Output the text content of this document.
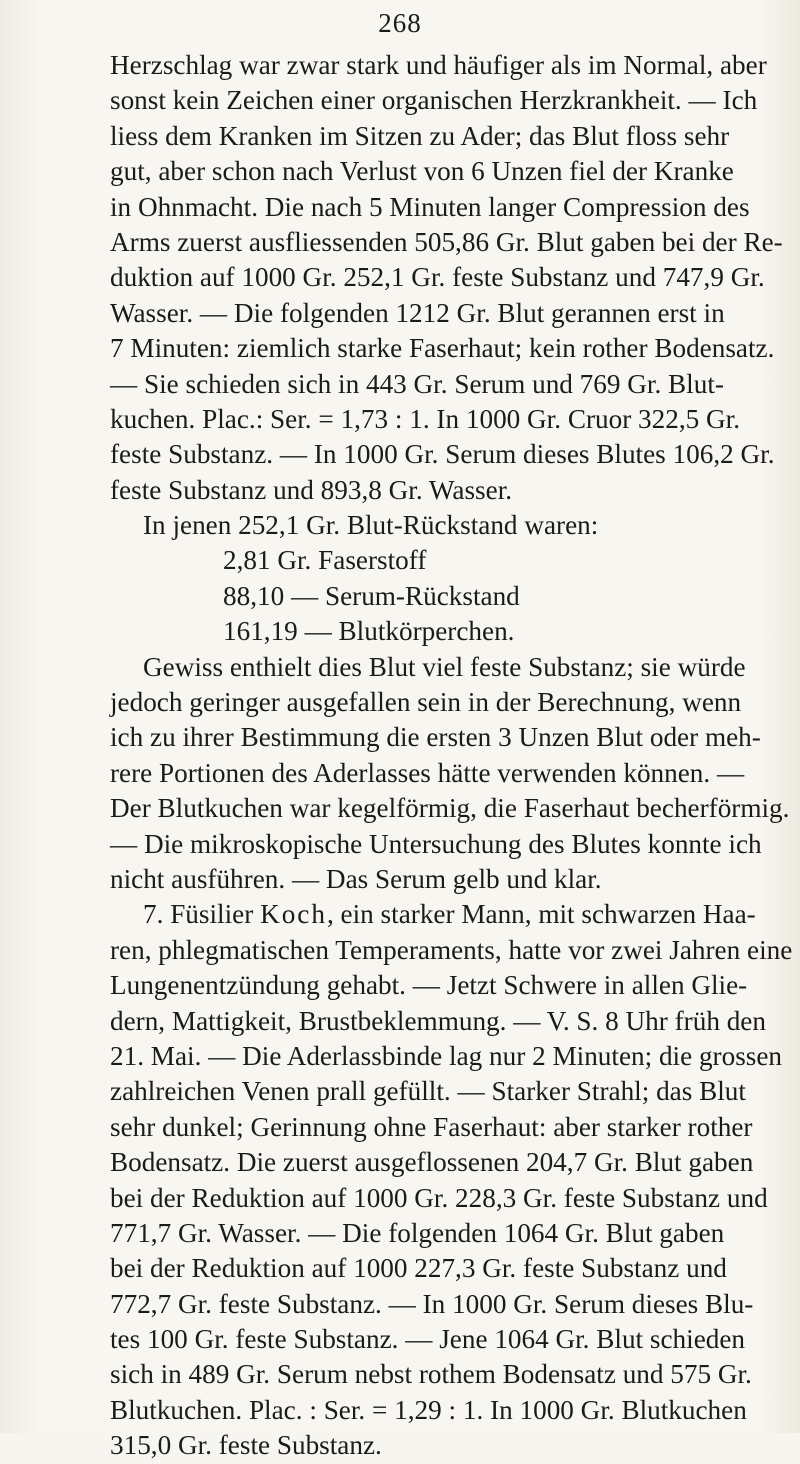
268
Herzschlag war zwar stark und häufiger als im Normal, aber
sonst kein Zeichen einer organischen Herzkrankheit. — Ich
liess dem Kranken im Sitzen zu Ader; das Blut floss sehr
gut, aber schon nach Verlust von 6 Unzen fiel der Kranke
in Ohnmacht. Die nach 5 Minuten langer Compression des
Arms zuerst ausfliessenden 505,86 Gr. Blut gaben bei der Re-
duktion auf 1000 Gr. 252,1 Gr. feste Substanz und 747,9 Gr.
Wasser. — Die folgenden 1212 Gr. Blut gerannen erst in
7 Minuten: ziemlich starke Faserhaut; kein rother Bodensatz.
— Sie schieden sich in 443 Gr. Serum und 769 Gr. Blut-
kuchen. Plac.: Ser. = 1,73 : 1. In 1000 Gr. Cruor 322,5 Gr.
feste Substanz. — In 1000 Gr. Serum dieses Blutes 106,2 Gr.
feste Substanz und 893,8 Gr. Wasser.
In jenen 252,1 Gr. Blut-Rückstand waren:
2,81 Gr. Faserstoff
88,10 — Serum-Rückstand
161,19 — Blutkörperchen.
Gewiss enthielt dies Blut viel feste Substanz; sie würde
jedoch geringer ausgefallen sein in der Berechnung, wenn
ich zu ihrer Bestimmung die ersten 3 Unzen Blut oder meh-
rere Portionen des Aderlasses hätte verwenden können. —
Der Blutkuchen war kegelförmig, die Faserhaut becherförmig.
— Die mikroskopische Untersuchung des Blutes konnte ich
nicht ausführen. — Das Serum gelb und klar.
7. Füsilier Koch, ein starker Mann, mit schwarzen Haa-
ren, phlegmatischen Temperaments, hatte vor zwei Jahren eine
Lungenentzündung gehabt. — Jetzt Schwere in allen Glie-
dern, Mattigkeit, Brustbeklemmung. — V. S. 8 Uhr früh den
21. Mai. — Die Aderlassbinde lag nur 2 Minuten; die grossen
zahlreichen Venen prall gefüllt. — Starker Strahl; das Blut
sehr dunkel; Gerinnung ohne Faserhaut: aber starker rother
Bodensatz. Die zuerst ausgeflossenen 204,7 Gr. Blut gaben
bei der Reduktion auf 1000 Gr. 228,3 Gr. feste Substanz und
771,7 Gr. Wasser. — Die folgenden 1064 Gr. Blut gaben
bei der Reduktion auf 1000 227,3 Gr. feste Substanz und
772,7 Gr. feste Substanz. — In 1000 Gr. Serum dieses Blu-
tes 100 Gr. feste Substanz. — Jene 1064 Gr. Blut schieden
sich in 489 Gr. Serum nebst rothem Bodensatz und 575 Gr.
Blutkuchen. Plac. : Ser. = 1,29 : 1. In 1000 Gr. Blutkuchen
315,0 Gr. feste Substanz.
